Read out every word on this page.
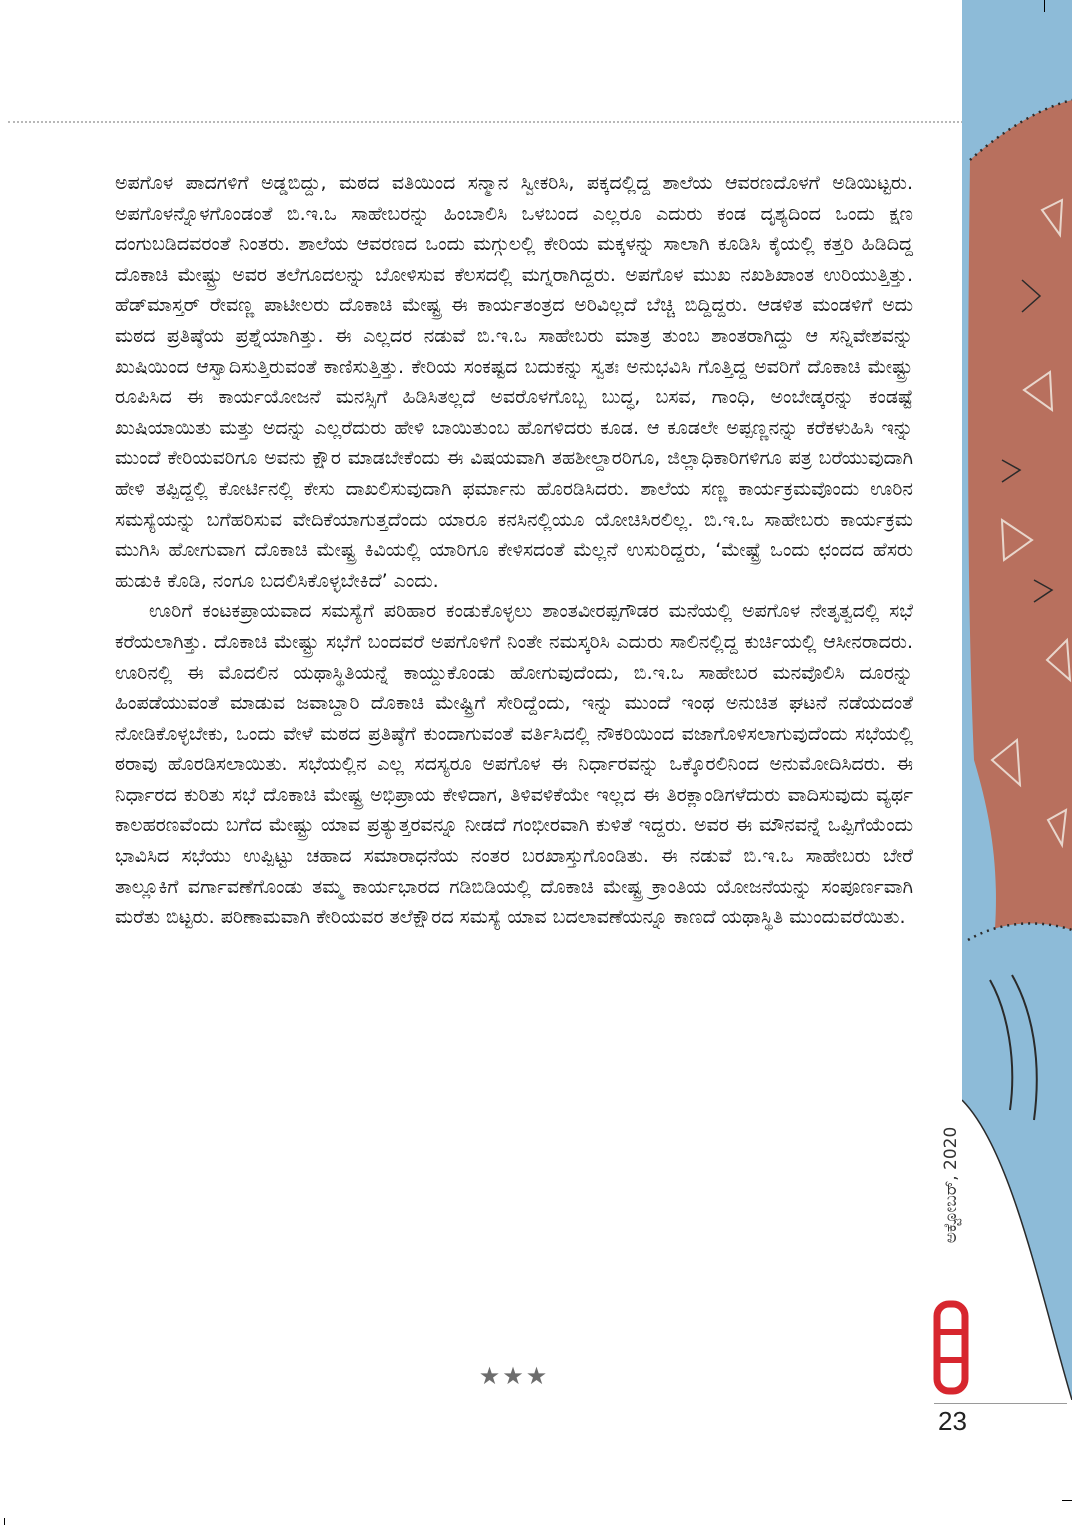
ಅಪಗೊಳ ಪಾದಗಳಿಗೆ ಅಡ್ಡಬಿದ್ದು, ಮಠದ ವತಿಯಿಂದ ಸನ್ಮಾನ ಸ್ವೀಕರಿಸಿ, ಪಕ್ಕದಲ್ಲಿದ್ದ ಶಾಲೆಯ ಆವರಣದೊಳಗೆ ಅಡಿಯಿಟ್ಟರು. ಅಪಗೊಳನ್ನೊಳಗೊಂಡಂತೆ ಬಿ.ಇ.ಒ ಸಾಹೇಬರನ್ನು ಹಿಂಬಾಲಿಸಿ ಒಳಬಂದ ಎಲ್ಲರೂ ಎದುರು ಕಂಡ ದೃಶ್ಯದಿಂದ ಒಂದು ಕ್ಷಣ ದಂಗುಬಡಿದವರಂತೆ ನಿಂತರು. ಶಾಲೆಯ ಆವರಣದ ಒಂದು ಮಗ್ಗುಲಲ್ಲಿ ಕೇರಿಯ ಮಕ್ಕಳನ್ನು ಸಾಲಾಗಿ ಕೂಡಿಸಿ ಕೈಯಲ್ಲಿ ಕತ್ತರಿ ಹಿಡಿದಿದ್ದ ದೊಕಾಚಿ ಮೇಷ್ಟ್ರು ಅವರ ತಲೆಗೂದಲನ್ನು ಬೋಳಿಸುವ ಕೆಲಸದಲ್ಲಿ ಮಗ್ನರಾಗಿದ್ದರು. ಅಪಗೊಳ ಮುಖ ನಖಶಿಖಾಂತ ಉರಿಯುತ್ತಿತ್ತು. ಹೆಡ್‌ಮಾಸ್ತರ್ ರೇವಣ್ಣ ಪಾಟೀಲರು ದೊಕಾಚಿ ಮೇಷ್ಟ್ರ ಈ ಕಾರ್ಯತಂತ್ರದ ಅರಿವಿಲ್ಲದೆ ಬೆಚ್ಚಿ ಬಿದ್ದಿದ್ದರು. ಆಡಳಿತ ಮಂಡಳಿಗೆ ಅದು ಮಠದ ಪ್ರತಿಷ್ಠೆಯ ಪ್ರಶ್ನೆಯಾಗಿತ್ತು. ಈ ಎಲ್ಲದರ ನಡುವೆ ಬಿ.ಇ.ಒ ಸಾಹೇಬರು ಮಾತ್ರ ತುಂಬ ಶಾಂತರಾಗಿದ್ದು ಆ ಸನ್ನಿವೇಶವನ್ನು ಖುಷಿಯಿಂದ ಆಸ್ವಾದಿಸುತ್ತಿರುವಂತೆ ಕಾಣಿಸುತ್ತಿತ್ತು. ಕೇರಿಯ ಸಂಕಷ್ಟದ ಬದುಕನ್ನು ಸ್ವತಃ ಅನುಭವಿಸಿ ಗೊತ್ತಿದ್ದ ಅವರಿಗೆ ದೊಕಾಚಿ ಮೇಷ್ಟ್ರು ರೂಪಿಸಿದ ಈ ಕಾರ್ಯಯೋಜನೆ ಮನಸ್ಸಿಗೆ ಹಿಡಿಸಿತಲ್ಲದೆ ಅವರೊಳಗೊಬ್ಬ ಬುದ್ಧ, ಬಸವ, ಗಾಂಧಿ, ಅಂಬೇಡ್ಕರನ್ನು ಕಂಡಷ್ಟೆ ಖುಷಿಯಾಯಿತು ಮತ್ತು ಅದನ್ನು ಎಲ್ಲರೆದುರು ಹೇಳಿ ಬಾಯಿತುಂಬ ಹೊಗಳಿದರು ಕೂಡ. ಆ ಕೂಡಲೇ ಅಪ್ಪಣ್ಣನನ್ನು ಕರೆಕಳುಹಿಸಿ ಇನ್ನು ಮುಂದೆ ಕೇರಿಯವರಿಗೂ ಅವನು ಕ್ಷೌರ ಮಾಡಬೇಕೆಂದು ಈ ವಿಷಯವಾಗಿ ತಹಶೀಲ್ದಾರರಿಗೂ, ಜಿಲ್ಲಾಧಿಕಾರಿಗಳಿಗೂ ಪತ್ರ ಬರೆಯುವುದಾಗಿ ಹೇಳಿ ತಪ್ಪಿದ್ದಲ್ಲಿ ಕೋರ್ಟಿನಲ್ಲಿ ಕೇಸು ದಾಖಲಿಸುವುದಾಗಿ ಫರ್ಮಾನು ಹೊರಡಿಸಿದರು. ಶಾಲೆಯ ಸಣ್ಣ ಕಾರ್ಯಕ್ರಮವೊಂದು ಊರಿನ ಸಮಸ್ಯೆಯನ್ನು ಬಗೆಹರಿಸುವ ವೇದಿಕೆಯಾಗುತ್ತದೆಂದು ಯಾರೂ ಕನಸಿನಲ್ಲಿಯೂ ಯೋಚಿಸಿರಲಿಲ್ಲ. ಬಿ.ಇ.ಒ ಸಾಹೇಬರು ಕಾರ್ಯಕ್ರಮ ಮುಗಿಸಿ ಹೋಗುವಾಗ ದೊಕಾಚಿ ಮೇಷ್ಟ್ರ ಕಿವಿಯಲ್ಲಿ ಯಾರಿಗೂ ಕೇಳಿಸದಂತೆ ಮೆಲ್ಲನೆ ಉಸುರಿದ್ದರು, ‘ಮೇಷ್ಟ್ರೆ ಒಂದು ಛಂದದ ಹೆಸರು ಹುಡುಕಿ ಕೊಡಿ, ನಂಗೂ ಬದಲಿಸಿಕೊಳ್ಳಬೇಕಿದೆ’ ಎಂದು.

ಊರಿಗೆ ಕಂಟಕಪ್ರಾಯವಾದ ಸಮಸ್ಯೆಗೆ ಪರಿಹಾರ ಕಂಡುಕೊಳ್ಳಲು ಶಾಂತವೀರಪ್ಪಗೌಡರ ಮನೆಯಲ್ಲಿ ಅಪಗೊಳ ನೇತೃತ್ವದಲ್ಲಿ ಸಭೆ ಕರೆಯಲಾಗಿತ್ತು. ದೊಕಾಚಿ ಮೇಷ್ಟ್ರು ಸಭೆಗೆ ಬಂದವರೆ ಅಪಗೊಳಿಗೆ ನಿಂತೇ ನಮಸ್ಕರಿಸಿ ಎದುರು ಸಾಲಿನಲ್ಲಿದ್ದ ಕುರ್ಚಿಯಲ್ಲಿ ಆಸೀನರಾದರು. ಊರಿನಲ್ಲಿ ಈ ಮೊದಲಿನ ಯಥಾಸ್ಥಿತಿಯನ್ನೆ ಕಾಯ್ದುಕೊಂಡು ಹೋಗುವುದೆಂದು, ಬಿ.ಇ.ಒ ಸಾಹೇಬರ ಮನವೊಲಿಸಿ ದೂರನ್ನು ಹಿಂಪಡೆಯುವಂತೆ ಮಾಡುವ ಜವಾಬ್ದಾರಿ ದೊಕಾಚಿ ಮೇಷ್ಟ್ರಿಗೆ ಸೇರಿದ್ದೆಂದು, ಇನ್ನು ಮುಂದೆ ಇಂಥ ಅನುಚಿತ ಘಟನೆ ನಡೆಯದಂತೆ ನೋಡಿಕೊಳ್ಳಬೇಕು, ಒಂದು ವೇಳೆ ಮಠದ ಪ್ರತಿಷ್ಠೆಗೆ ಕುಂದಾಗುವಂತೆ ವರ್ತಿಸಿದಲ್ಲಿ ನೌಕರಿಯಿಂದ ವಜಾಗೊಳಿಸಲಾಗುವುದೆಂದು ಸಭೆಯಲ್ಲಿ ಠರಾವು ಹೊರಡಿಸಲಾಯಿತು. ಸಭೆಯಲ್ಲಿನ ಎಲ್ಲ ಸದಸ್ಯರೂ ಅಪಗೊಳ ಈ ನಿರ್ಧಾರವನ್ನು ಒಕ್ಕೊರಲಿನಿಂದ ಅನುಮೋದಿಸಿದರು. ಈ ನಿರ್ಧಾರದ ಕುರಿತು ಸಭೆ ದೊಕಾಚಿ ಮೇಷ್ಟ್ರ ಅಭಿಪ್ರಾಯ ಕೇಳಿದಾಗ, ತಿಳಿವಳಿಕೆಯೇ ಇಲ್ಲದ ಈ ತಿರಕ್ಲಾಂಡಿಗಳೆದುರು ವಾದಿಸುವುದು ವ್ಯರ್ಥ ಕಾಲಹರಣವೆಂದು ಬಗೆದ ಮೇಷ್ಟ್ರು ಯಾವ ಪ್ರತ್ಯುತ್ತರವನ್ನೂ ನೀಡದೆ ಗಂಭೀರವಾಗಿ ಕುಳಿತೆ ಇದ್ದರು. ಅವರ ಈ ಮೌನವನ್ನೆ ಒಪ್ಪಿಗೆಯೆಂದು ಭಾವಿಸಿದ ಸಭೆಯು ಉಪ್ಪಿಟ್ಟು ಚಹಾದ ಸಮಾರಾಧನೆಯ ನಂತರ ಬರಖಾಸ್ತುಗೊಂಡಿತು. ಈ ನಡುವೆ ಬಿ.ಇ.ಒ ಸಾಹೇಬರು ಬೇರೆ ತಾಲ್ಲೂಕಿಗೆ ವರ್ಗಾವಣೆಗೊಂಡು ತಮ್ಮ ಕಾರ್ಯಭಾರದ ಗಡಿಬಿಡಿಯಲ್ಲಿ ದೊಕಾಚಿ ಮೇಷ್ಟ್ರ ಕ್ರಾಂತಿಯ ಯೋಜನೆಯನ್ನು ಸಂಪೂರ್ಣವಾಗಿ ಮರೆತು ಬಿಟ್ಟರು. ಪರಿಣಾಮವಾಗಿ ಕೇರಿಯವರ ತಲೆಕ್ಷೌರದ ಸಮಸ್ಯೆ ಯಾವ ಬದಲಾವಣೆಯನ್ನೂ ಕಾಣದೆ ಯಥಾಸ್ಥಿತಿ ಮುಂದುವರೆಯಿತು.

★★★
ಅಕ್ಟೋಬರ್, 2020
23
